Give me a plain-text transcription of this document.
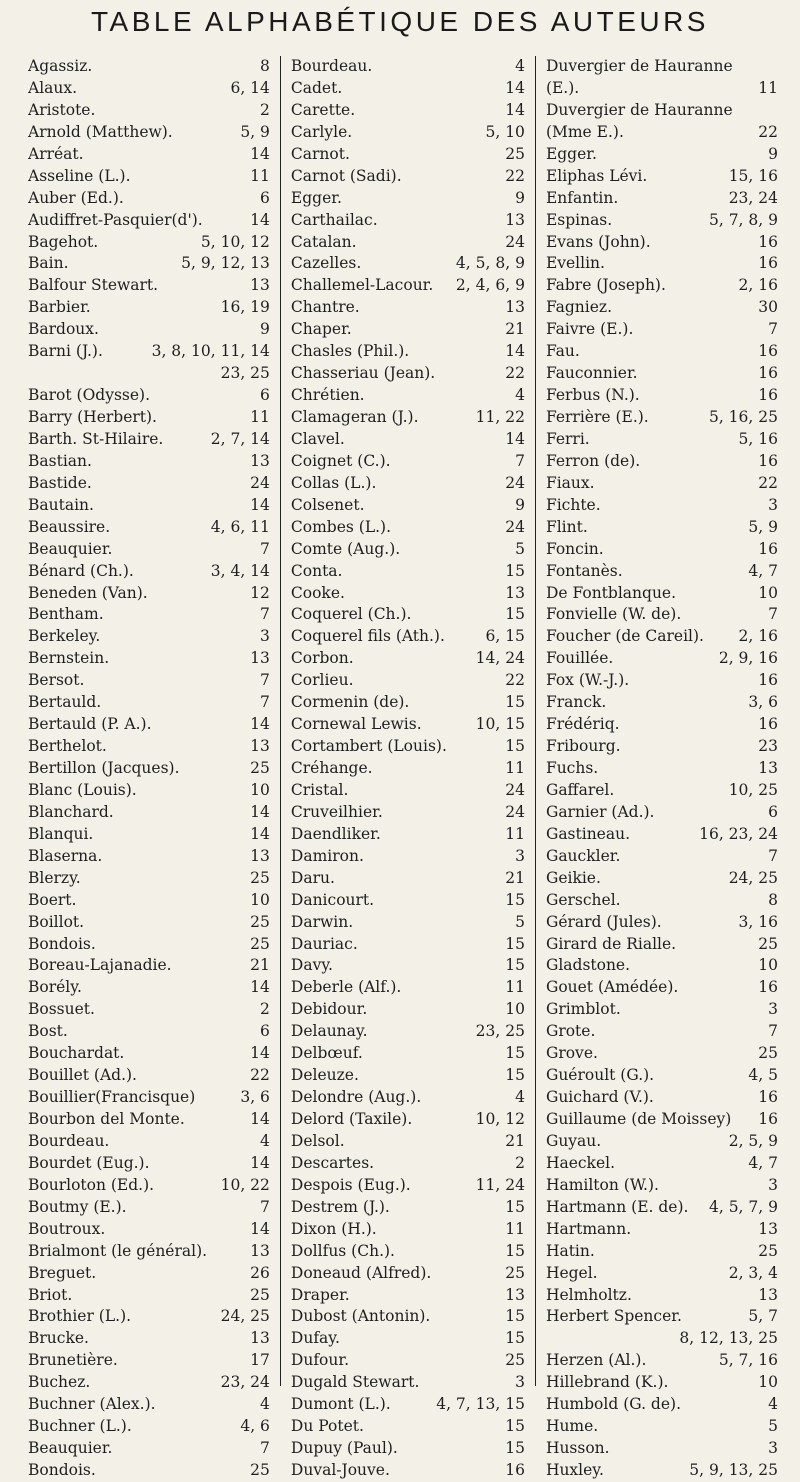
TABLE ALPHABÉTIQUE DES AUTEURS
Agassiz.	8
Alaux.	6, 14
Aristote.	2
Arnold (Matthew).	5, 9
Arréat.	14
Asseline (L.).	11
Auber (Ed.).	6
Audiffret-Pasquier(d').	14
Bagehot.	5, 10, 12
Bain.	5, 9, 12, 13
Balfour Stewart.	13
Barbier.	16, 19
Bardoux.	9
Barni (J.).	3, 8, 10, 11, 14
23, 25
Barot (Odysse).	6
Barry (Herbert).	11
Barth. St-Hilaire.	2, 7, 14
Bastian.	13
Bastide.	24
Bautain.	14
Beaussire.	4, 6, 11
Beauquier.	7
Bénard (Ch.).	3, 4, 14
Beneden (Van).	12
Bentham.	7
Berkeley.	3
Bernstein.	13
Bersot.	7
Bertauld.	7
Bertauld (P. A.).	14
Berthelot.	13
Bertillon (Jacques).	25
Blanc (Louis).	10
Blanchard.	14
Blanqui.	14
Blaserna.	13
Blerzy.	25
Boert.	10
Boillot.	25
Bondois.	25
Boreau-Lajanadie.	21
Borély.	14
Bossuet.	2
Bost.	6
Bouchardat.	14
Bouillet (Ad.).	22
Bouillier(Francisque)	3, 6
Bourbon del Monte.	14
Bourdeau.	4
Bourdet (Eug.).	14
Bourloton (Ed.).	10, 22
Boutmy (E.).	7
Boutroux.	14
Brialmont (le général).	13
Breguet.	26
Briot.	25
Brothier (L.).	24, 25
Brucke.	13
Brunetière.	17
Buchez.	23, 24
Buchner (Alex.).	4
Buchner (L.).	4, 6
Beauquier.	7
Bondois.	25
Bourdeau.	4
Cadet.	14
Carette.	14
Carlyle.	5, 10
Carnot.	25
Carnot (Sadi).	22
Egger.	9
Carthailac.	13
Catalan.	24
Cazelles.	4, 5, 8, 9
Challemel-Lacour. 2, 4, 6, 9
Chantre.	13
Chaper.	21
Chasles (Phil.).	14
Chasseriau (Jean).	22
Chrétien.	4
Clamageran (J.).	11, 22
Clavel.	14
Coignet (C.).	7
Collas (L.).	24
Colsenet.	9
Combes (L.).	24
Comte (Aug.).	5
Conta.	15
Cooke.	13
Coquerel (Ch.).	15
Coquerel fils (Ath.).	6, 15
Corbon.	14, 24
Corlieu.	22
Cormenin (de).	15
Cornewal Lewis.	10, 15
Cortambert (Louis).	15
Créhange.	11
Cristal.	24
Cruveilhier.	24
Daendliker.	11
Damiron.	3
Daru.	21
Danicourt.	15
Darwin.	5
Dauriac.	15
Davy.	15
Deberle (Alf.).	11
Debidour.	10
Delaunay.	23, 25
Delbœuf.	15
Deleuze.	15
Delondre (Aug.).	4
Delord (Taxile).	10, 12
Delsol.	21
Descartes.	2
Despois (Eug.).	11, 24
Destrem (J.).	15
Dixon (H.).	11
Dollfus (Ch.).	15
Doneaud (Alfred).	25
Draper.	13
Dubost (Antonin).	15
Dufay.	15
Dufour.	25
Dugald Stewart.	3
Dumont (L.).	4, 7, 13, 15
Du Potet.	15
Dupuy (Paul).	15
Duval-Jouve.	16
Duvergier de Hauranne
(E.).	11
Duvergier de Hauranne
(Mme E.).	22
Egger.	9
Eliphas Lévi.	15, 16
Enfantin.	23, 24
Espinas.	5, 7, 8, 9
Evans (John).	16
Evellin.	16
Fabre (Joseph).	2, 16
Fagniez.	30
Faivre (E.).	7
Fau.	16
Fauconnier.	16
Ferbus (N.).	16
Ferrière (E.).	5, 16, 25
Ferri.	5, 16
Ferron (de).	16
Fiaux.	22
Fichte.	3
Flint.	5, 9
Foncin.	16
Fontanès.	4, 7
De Fontblanque.	10
Fonvielle (W. de).	7
Foucher (de Careil). 2, 16
Fouillée.	2, 9, 16
Fox (W.-J.).	16
Franck.	3, 6
Frédériq.	16
Fribourg.	23
Fuchs.	13
Gaffarel.	10, 25
Garnier (Ad.).	6
Gastineau.	16, 23, 24
Gauckler.	7
Geikie.	24, 25
Gerschel.	8
Gérard (Jules).	3, 16
Girard de Rialle.	25
Gladstone.	10
Gouet (Amédée).	16
Grimblot.	3
Grote.	7
Grove.	25
Guéroult (G.).	4, 5
Guichard (V.).	16
Guillaume (de Moissey) 16
Guyau.	2, 5, 9
Haeckel.	4, 7
Hamilton (W.).	3
Hartmann (E. de). 4, 5, 7, 9
Hartmann.	13
Hatin.	25
Hegel.	2, 3, 4
Helmholtz.	13
Herbert Spencer.	5, 7
8, 12, 13, 25
Herzen (Al.).	5, 7, 16
Hillebrand (K.).	10
Humbold (G. de).	4
Hume.	5
Husson.	3
Huxley.	5, 9, 13, 25
